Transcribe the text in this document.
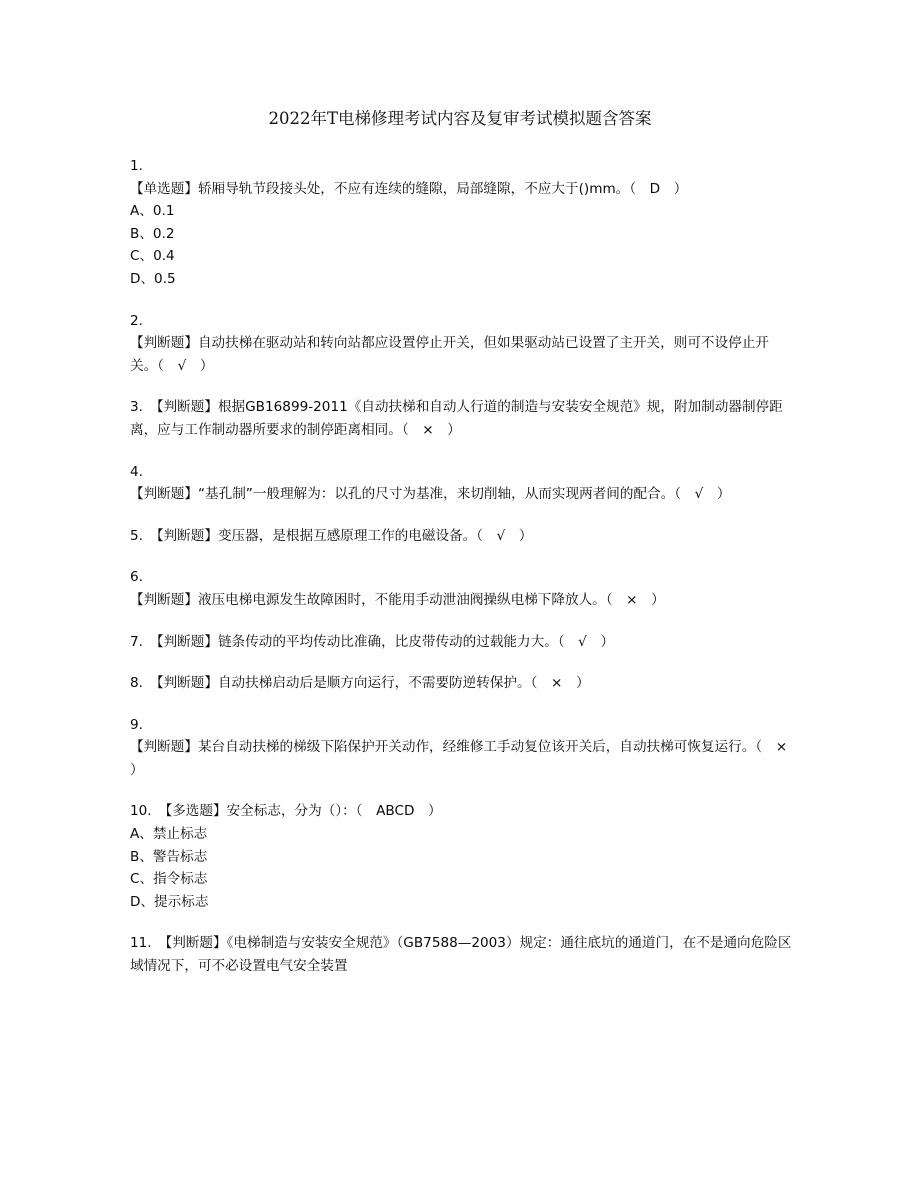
2022年T电梯修理考试内容及复审考试模拟题含答案
1.
【单选题】轿厢导轨节段接头处，不应有连续的缝隙，局部缝隙，不应大于()mm。（　D　）
A、0.1
B、0.2
C、0.4
D、0.5
2.
【判断题】自动扶梯在驱动站和转向站都应设置停止开关，但如果驱动站已设置了主开关，则可不设停止开关。（　√　）
3. 【判断题】根据GB16899-2011《自动扶梯和自动人行道的制造与安装安全规范》规，附加制动器制停距离，应与工作制动器所要求的制停距离相同。（　×　）
4.
【判断题】“基孔制”一般理解为：以孔的尺寸为基准，来切削轴，从而实现两者间的配合。（　√　）
5. 【判断题】变压器，是根据互感原理工作的电磁设备。（　√　）
6.
【判断题】液压电梯电源发生故障困时，不能用手动泄油阀操纵电梯下降放人。（　×　）
7. 【判断题】链条传动的平均传动比准确，比皮带传动的过载能力大。（　√　）
8. 【判断题】自动扶梯启动后是顺方向运行，不需要防逆转保护。（　×　）
9.
【判断题】某台自动扶梯的梯级下陷保护开关动作，经维修工手动复位该开关后，自动扶梯可恢复运行。（　×　）
10. 【多选题】安全标志，分为（）：（　ABCD　）
A、禁止标志
B、警告标志
C、指令标志
D、提示标志
11. 【判断题】《电梯制造与安装安全规范》（GB7588—2003）规定：通往底坑的通道门，在不是通向危险区域情况下，可不必设置电气安全装置
